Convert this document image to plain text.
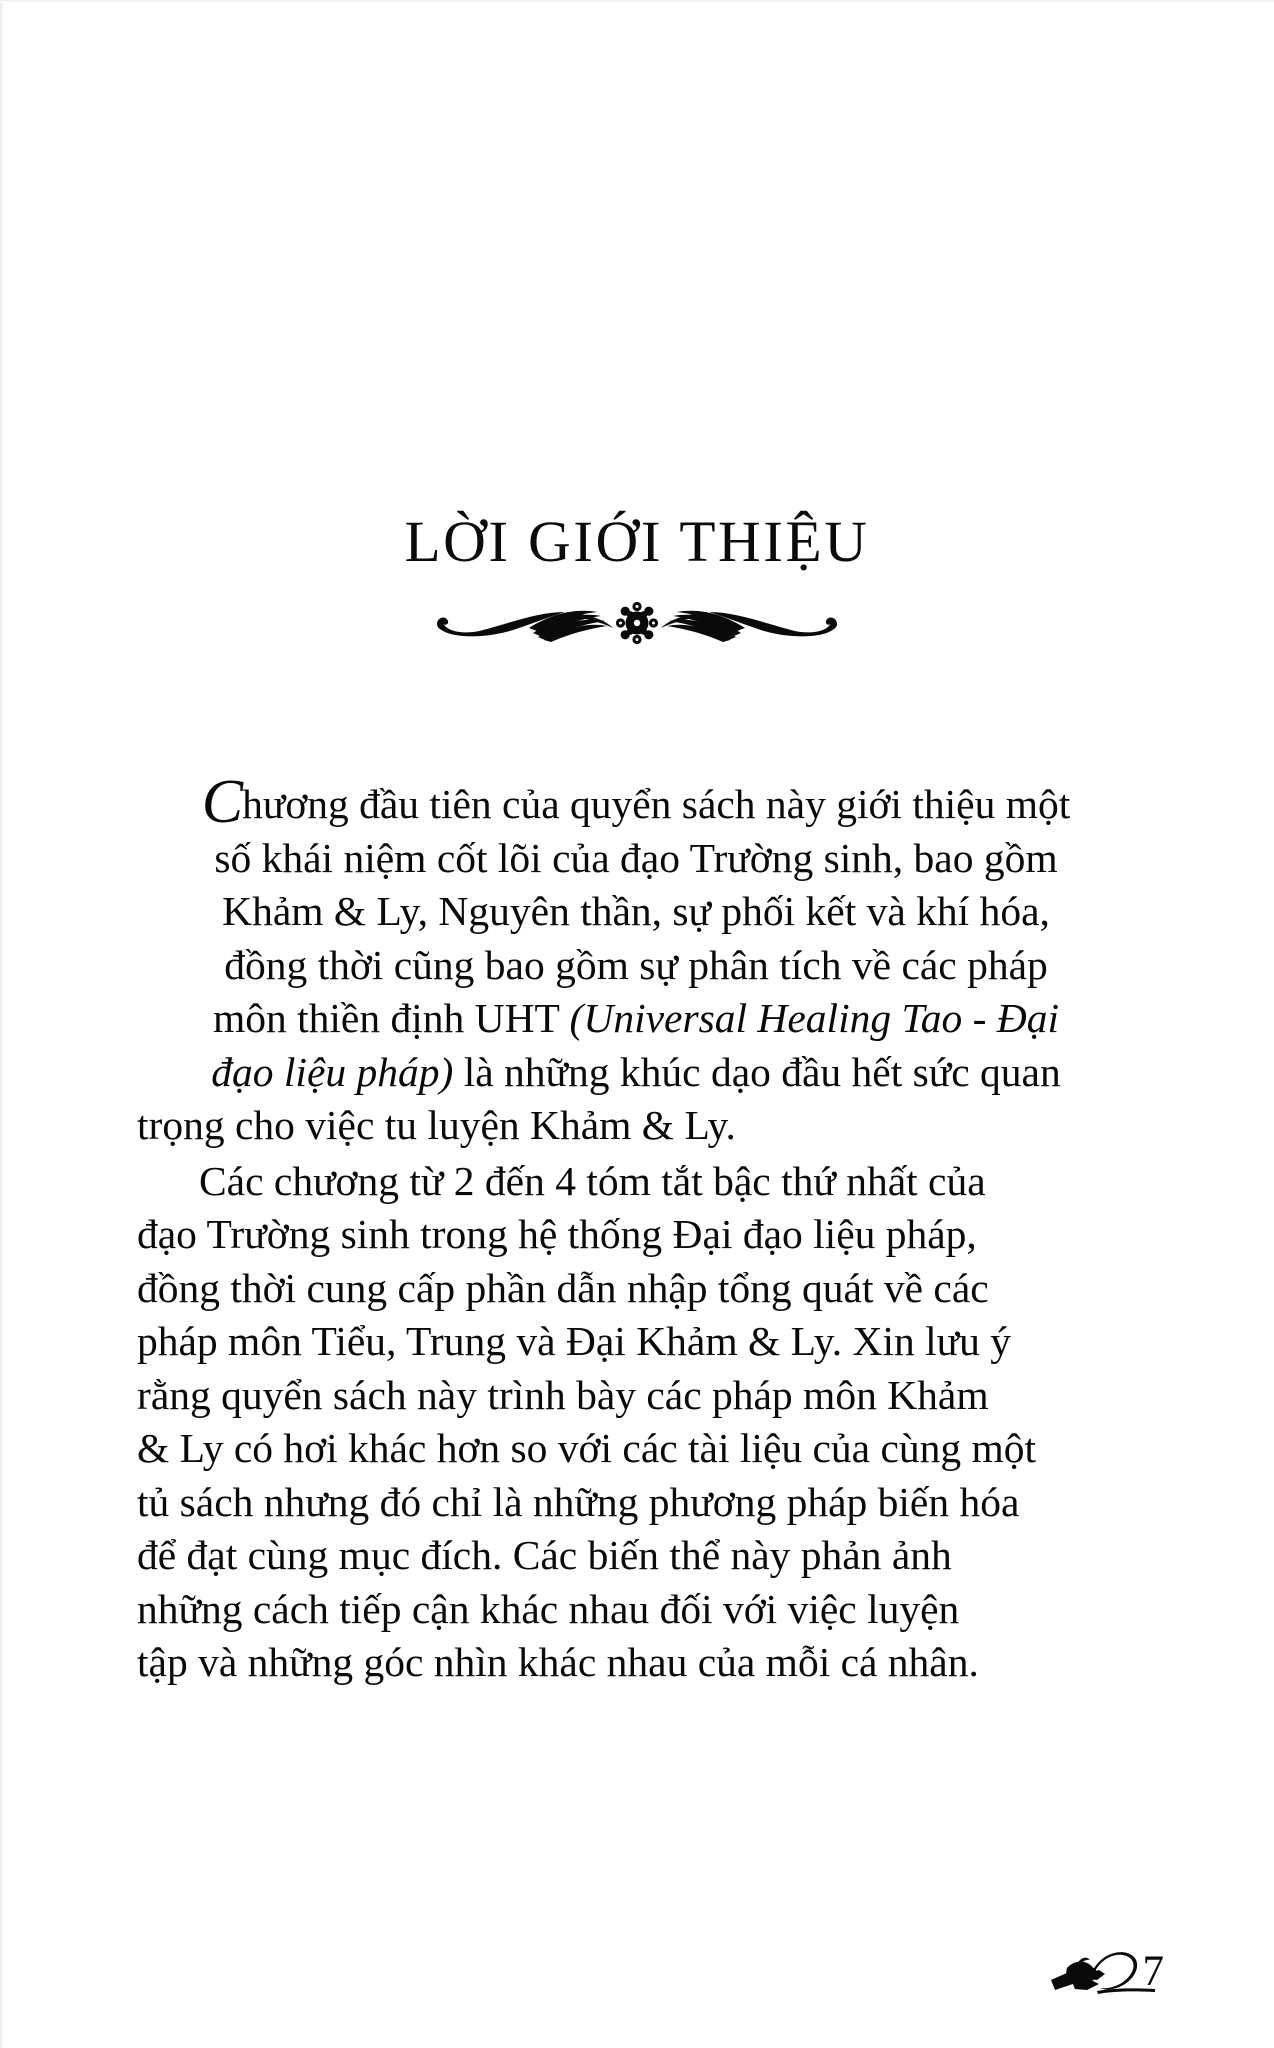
LỜI GIỚI THIỆU

Chương đầu tiên của quyển sách này giới thiệu một
số khái niệm cốt lõi của đạo Trường sinh, bao gồm
Khảm & Ly, Nguyên thần, sự phối kết và khí hóa,
đồng thời cũng bao gồm sự phân tích về các pháp
môn thiền định UHT (Universal Healing Tao - Đại
đạo liệu pháp) là những khúc dạo đầu hết sức quan
trọng cho việc tu luyện Khảm & Ly.

Các chương từ 2 đến 4 tóm tắt bậc thứ nhất của
đạo Trường sinh trong hệ thống Đại đạo liệu pháp,
đồng thời cung cấp phần dẫn nhập tổng quát về các
pháp môn Tiểu, Trung và Đại Khảm & Ly. Xin lưu ý
rằng quyển sách này trình bày các pháp môn Khảm
& Ly có hơi khác hơn so với các tài liệu của cùng một
tủ sách nhưng đó chỉ là những phương pháp biến hóa
để đạt cùng mục đích. Các biến thể này phản ảnh
những cách tiếp cận khác nhau đối với việc luyện
tập và những góc nhìn khác nhau của mỗi cá nhân.

7
